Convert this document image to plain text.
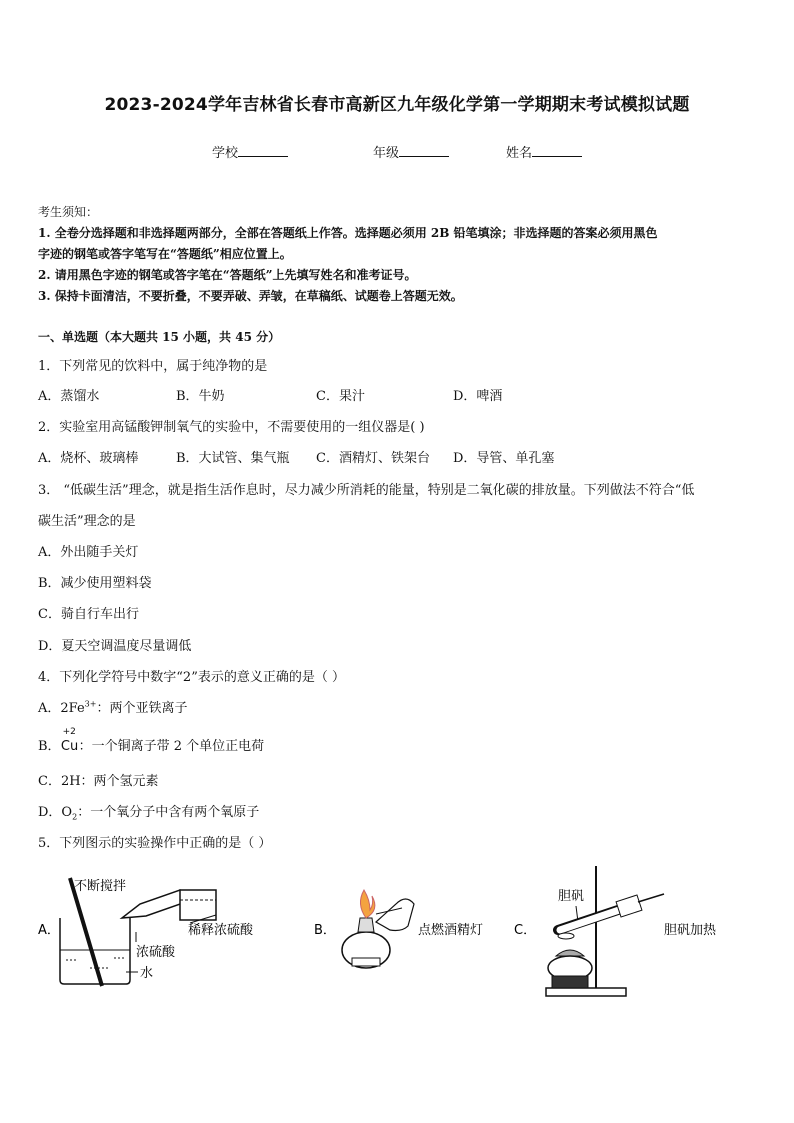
2023-2024学年吉林省长春市高新区九年级化学第一学期期末考试模拟试题
学校	年级	姓名
考生须知：
1. 全卷分选择题和非选择题两部分，全部在答题纸上作答。选择题必须用 2B 铅笔填涂；非选择题的答案必须用黑色
字迹的钢笔或答字笔写在“答题纸”相应位置上。
2. 请用黑色字迹的钢笔或答字笔在“答题纸”上先填写姓名和准考证号。
3. 保持卡面清洁，不要折叠，不要弄破、弄皱，在草稿纸、试题卷上答题无效。
一、单选题（本大题共 15 小题，共 45 分）
1．下列常见的饮料中，属于纯净物的是
A．蒸馏水	B．牛奶	C．果汁	D．啤酒
2．实验室用高锰酸钾制氧气的实验中，不需要使用的一组仪器是( )
A．烧杯、玻璃棒	B．大试管、集气瓶 C．酒精灯、铁架台 D．导管、单孔塞
3． “低碳生活”理念，就是指生活作息时，尽力减少所消耗的能量，特别是二氧化碳的排放量。下列做法不符合“低
碳生活”理念的是
A．外出随手关灯
B．减少使用塑料袋
C．骑自行车出行
D．夏天空调温度尽量调低
4．下列化学符号中数字“2”表示的意义正确的是（ ）
A．$2Fe^{3+}$：两个亚铁离子
B．
+2
Cu：一个铜离子带 2 个单位正电荷
C．2H：两个氢元素
D．$O_2$：一个氧分子中含有两个氧原子
5．下列图示的实验操作中正确的是（ ）
A．
不断搅拌
稀释浓硫酸
浓硫酸
水
B．	点燃酒精灯 C．
胆矾
胆矾加热
